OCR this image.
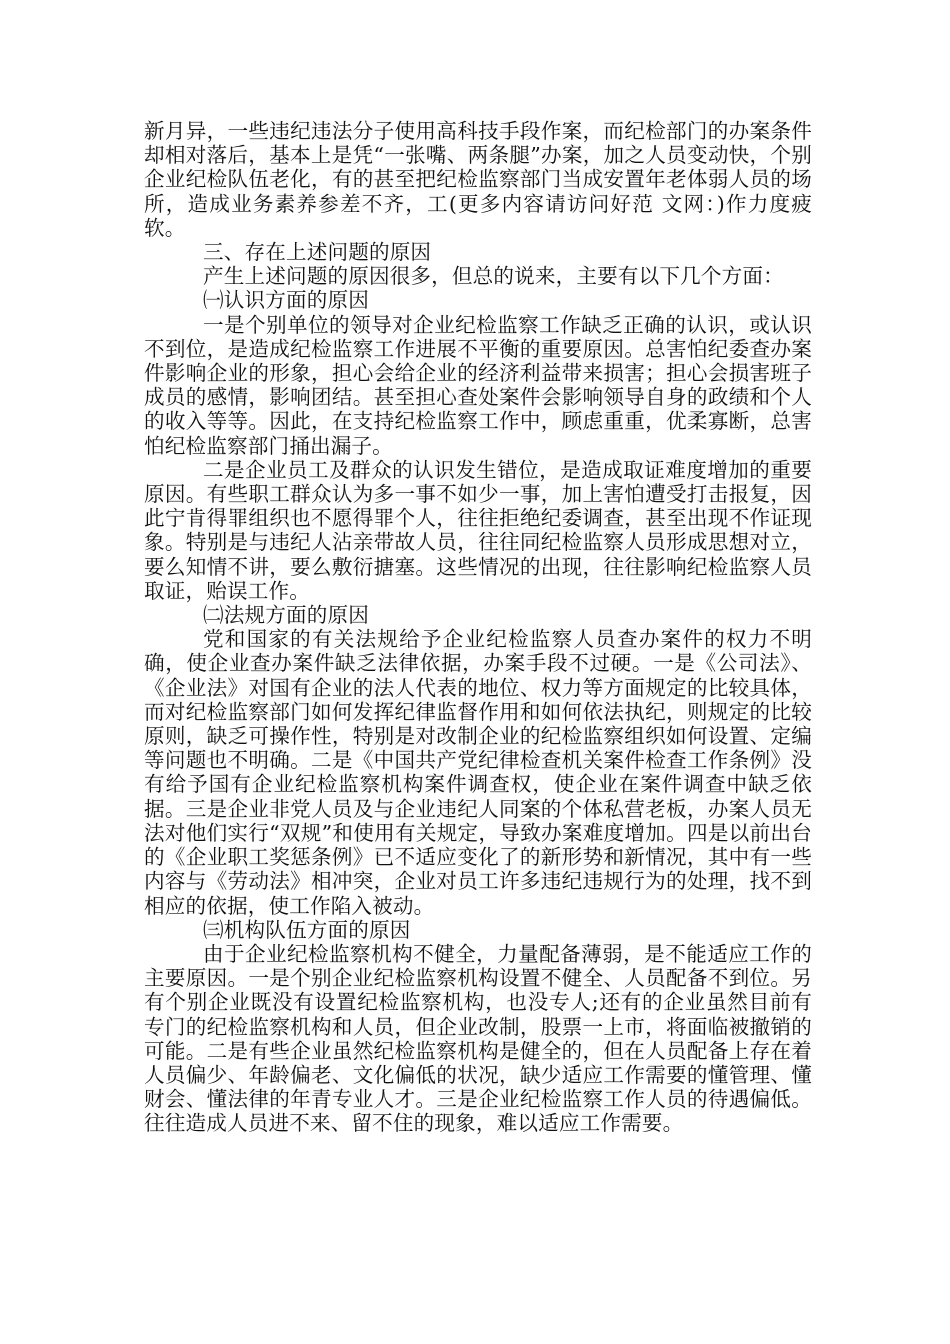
新月异，一些违纪违法分子使用高科技手段作案，而纪检部门的办案条件却相对落后，基本上是凭“一张嘴、两条腿”办案，加之人员变动快，个别企业纪检队伍老化，有的甚至把纪检监察部门当成安置年老体弱人员的场所，造成业务素养参差不齐，工(更多内容请访问好范 文网：)作力度疲软。

三、存在上述问题的原因

产生上述问题的原因很多，但总的说来，主要有以下几个方面：

㈠认识方面的原因

一是个别单位的领导对企业纪检监察工作缺乏正确的认识，或认识不到位，是造成纪检监察工作进展不平衡的重要原因。总害怕纪委查办案件影响企业的形象，担心会给企业的经济利益带来损害；担心会损害班子成员的感情，影响团结。甚至担心查处案件会影响领导自身的政绩和个人的收入等等。因此，在支持纪检监察工作中，顾虑重重，优柔寡断，总害怕纪检监察部门捅出漏子。

二是企业员工及群众的认识发生错位，是造成取证难度增加的重要原因。有些职工群众认为多一事不如少一事，加上害怕遭受打击报复，因此宁肯得罪组织也不愿得罪个人，往往拒绝纪委调查，甚至出现不作证现象。特别是与违纪人沾亲带故人员，往往同纪检监察人员形成思想对立，要么知情不讲，要么敷衍搪塞。这些情况的出现，往往影响纪检监察人员取证，贻误工作。

㈡法规方面的原因

党和国家的有关法规给予企业纪检监察人员查办案件的权力不明确，使企业查办案件缺乏法律依据，办案手段不过硬。一是《公司法》、《企业法》对国有企业的法人代表的地位、权力等方面规定的比较具体，而对纪检监察部门如何发挥纪律监督作用和如何依法执纪，则规定的比较原则，缺乏可操作性，特别是对改制企业的纪检监察组织如何设置、定编等问题也不明确。二是《中国共产党纪律检查机关案件检查工作条例》没有给予国有企业纪检监察机构案件调查权，使企业在案件调查中缺乏依据。三是企业非党人员及与企业违纪人同案的个体私营老板，办案人员无法对他们实行“双规”和使用有关规定，导致办案难度增加。四是以前出台的《企业职工奖惩条例》已不适应变化了的新形势和新情况，其中有一些内容与《劳动法》相冲突，企业对员工许多违纪违规行为的处理，找不到相应的依据，使工作陷入被动。

㈢机构队伍方面的原因

由于企业纪检监察机构不健全，力量配备薄弱，是不能适应工作的主要原因。一是个别企业纪检监察机构设置不健全、人员配备不到位。另有个别企业既没有设置纪检监察机构，也没专人;还有的企业虽然目前有专门的纪检监察机构和人员，但企业改制，股票一上市，将面临被撤销的可能。二是有些企业虽然纪检监察机构是健全的，但在人员配备上存在着人员偏少、年龄偏老、文化偏低的状况，缺少适应工作需要的懂管理、懂财会、懂法律的年青专业人才。三是企业纪检监察工作人员的待遇偏低。往往造成人员进不来、留不住的现象，难以适应工作需要。
